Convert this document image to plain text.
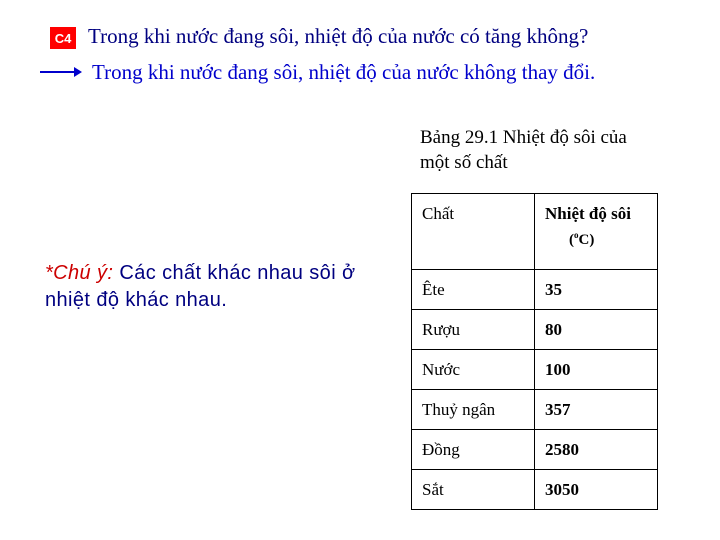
C4 Trong khi nước đang sôi, nhiệt độ của nước có tăng không?
Trong khi nước đang sôi, nhiệt độ của nước không thay đổi.
Bảng 29.1 Nhiệt độ sôi của
một số chất
*Chú ý: Các chất khác nhau sôi ở nhiệt độ khác nhau.
Chất	Nhiệt độ sôi
($^o$C)

Ête	35
Rượu	80
Nước	100
Thuỷ ngân	357
Đồng	2580
Sắt	3050
